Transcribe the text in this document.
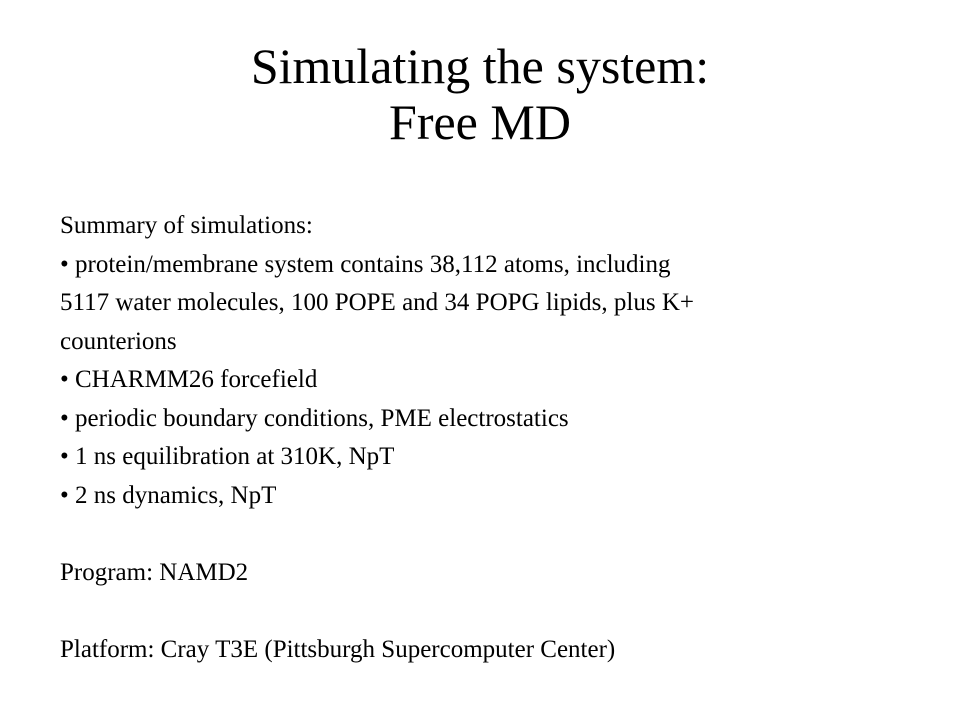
Simulating the system:
Free MD
Summary of simulations:
• protein/membrane system contains 38,112 atoms, including
5117 water molecules, 100 POPE and 34 POPG lipids, plus K+
counterions
• CHARMM26 forcefield
• periodic boundary conditions, PME electrostatics
• 1 ns equilibration at 310K, NpT
• 2 ns dynamics, NpT
Program: NAMD2
Platform: Cray T3E (Pittsburgh Supercomputer Center)
